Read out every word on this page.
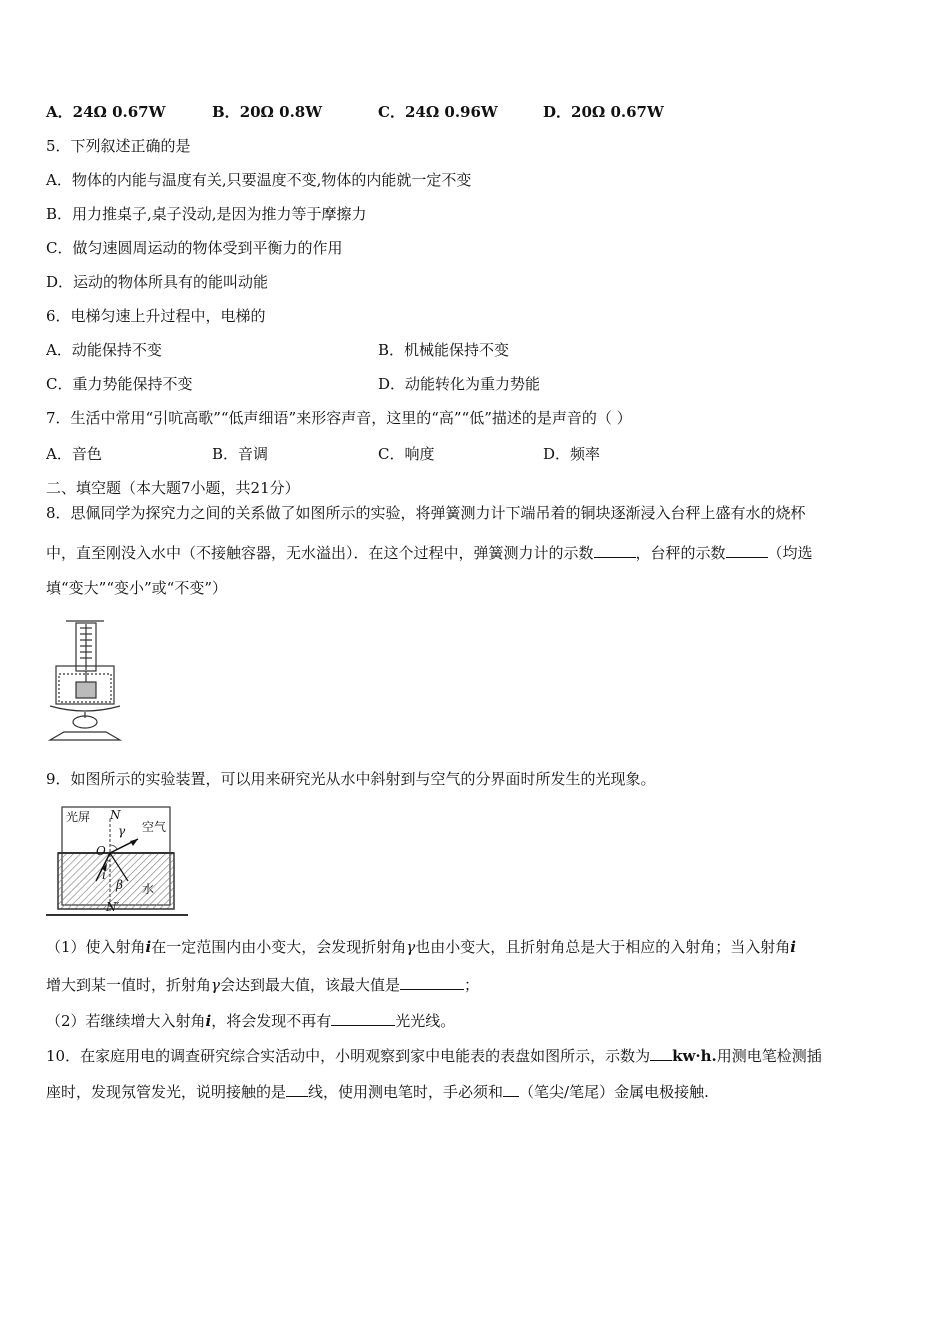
A．24Ω 0.67W	B．20Ω 0.8W	C．24Ω 0.96W	D．20Ω 0.67W
5．下列叙述正确的是
A．物体的内能与温度有关,只要温度不变,物体的内能就一定不变
B．用力推桌子,桌子没动,是因为推力等于摩擦力
C．做匀速圆周运动的物体受到平衡力的作用
D．运动的物体所具有的能叫动能
6．电梯匀速上升过程中，电梯的
A．动能保持不变	B．机械能保持不变
C．重力势能保持不变	D．动能转化为重力势能
7．生活中常用“引吭高歌”“低声细语”来形容声音，这里的“高”“低”描述的是声音的（ ）
A．音色	B．音调	C．响度	D．频率
二、填空题（本大题7小题，共21分）
8．思佩同学为探究力之间的关系做了如图所示的实验，将弹簧测力计下端吊着的铜块逐渐浸入台秤上盛有水的烧杯
中，直至刚没入水中（不接触容器，无水溢出）．在这个过程中，弹簧测力计的示数	，台秤的示数	（均选
填“变大”“变小”或“不变”）
9．如图所示的实验装置，可以用来研究光从水中斜射到与空气的分界面时所发生的光现象。
光屏 N
γ 空气
O
i
β 水
N′
（1）使入射角i在一定范围内由小变大，会发现折射角γ也由小变大，且折射角总是大于相应的入射角；当入射角i
增大到某一值时，折射角γ会达到最大值，该最大值是	；
（2）若继续增大入射角i，将会发现不再有	光光线。
10．在家庭用电的调查研究综合实活动中，小明观察到家中电能表的表盘如图所示，示数为 kw·h.用测电笔检测插
座时，发现氖管发光，说明接触的是 线，使用测电笔时，手必须和 （笔尖/笔尾）金属电极接触.
